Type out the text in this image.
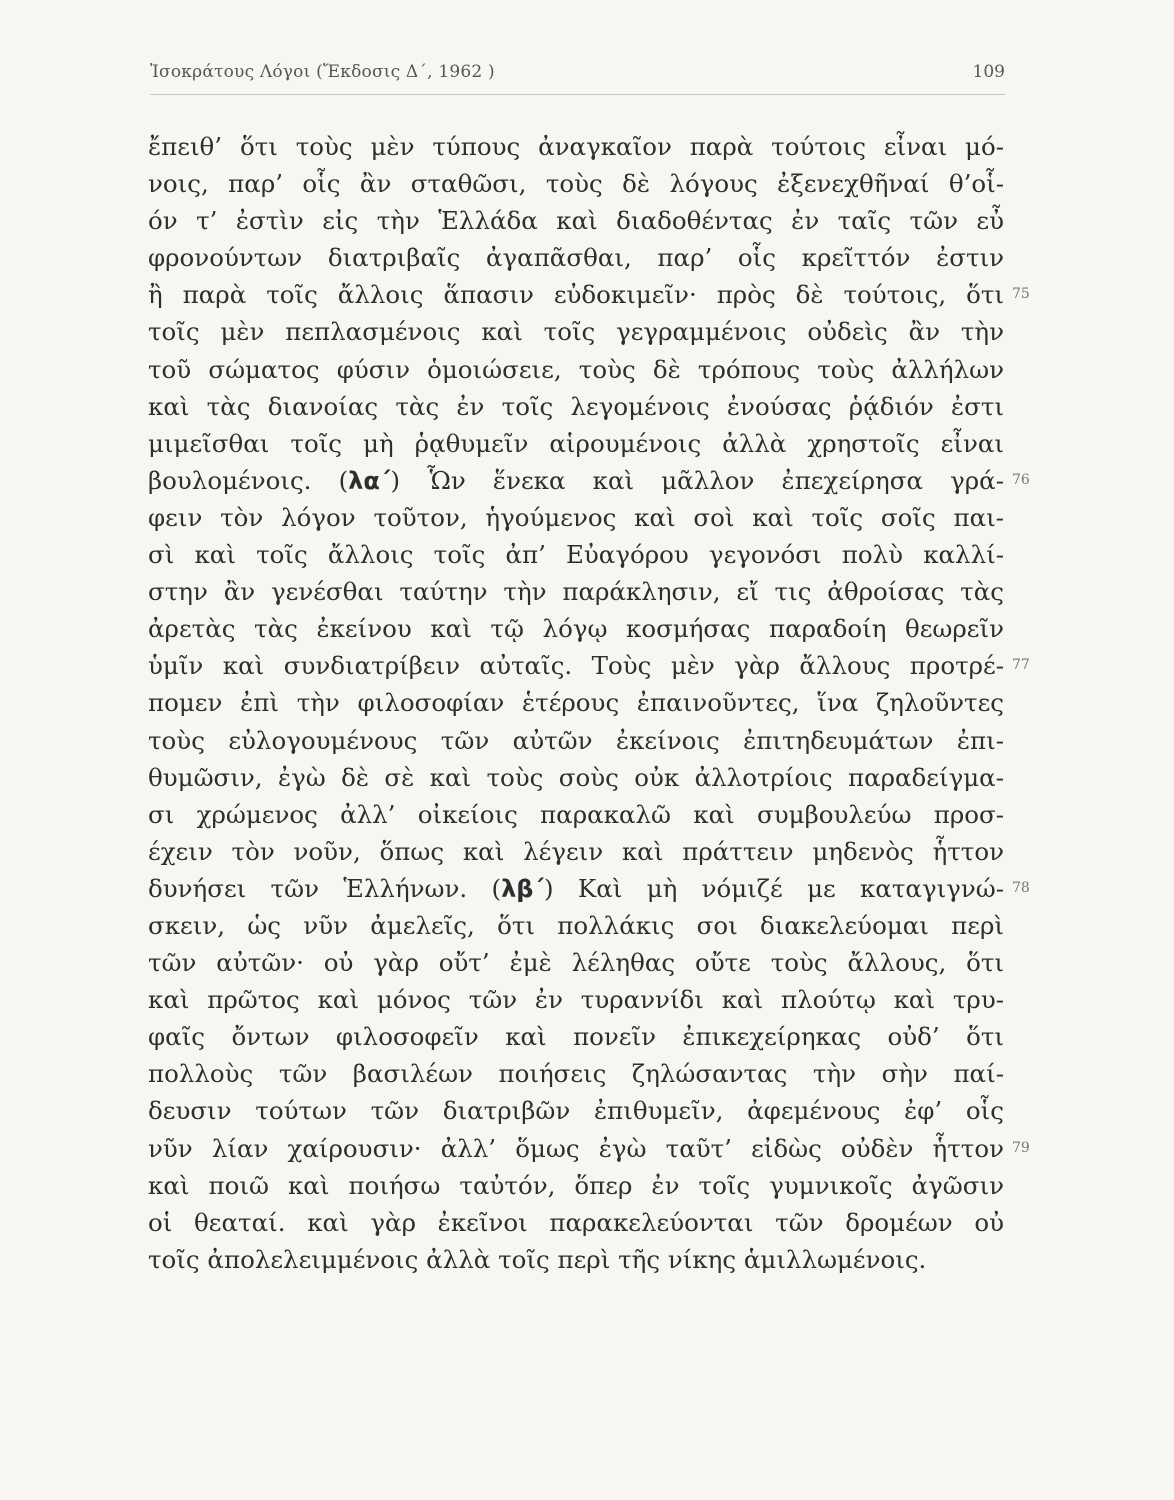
Ἰσοκράτους Λόγοι (Ἔκδοσις Δ΄, 1962 )	109
ἔπειθ’ ὅτι τοὺς μὲν τύπους ἀναγκαῖον παρὰ τούτοις εἶναι μό-
νοις, παρ’ οἷς ἂν σταθῶσι, τοὺς δὲ λόγους ἐξενεχθῆναί θ’οἷ-
όν τ’ ἐστὶν εἰς τὴν Ἑλλάδα καὶ διαδοθέντας ἐν ταῖς τῶν εὖ
φρονούντων διατριβαῖς ἀγαπᾶσθαι, παρ’ οἷς κρεῖττόν ἐστιν
ἢ παρὰ τοῖς ἄλλοις ἅπασιν εὐδοκιμεῖν· πρὸς δὲ τούτοις, ὅτι 75
τοῖς μὲν πεπλασμένοις καὶ τοῖς γεγραμμένοις οὐδεὶς ἂν τὴν
τοῦ σώματος φύσιν ὁμοιώσειε, τοὺς δὲ τρόπους τοὺς ἀλλήλων
καὶ τὰς διανοίας τὰς ἐν τοῖς λεγομένοις ἐνούσας ῥᾴδιόν ἐστι
μιμεῖσθαι τοῖς μὴ ῥᾳθυμεῖν αἱρουμένοις ἀλλὰ χρηστοῖς εἶναι
βουλομένοις. (λα΄) Ὧν ἕνεκα καὶ μᾶλλον ἐπεχείρησα γρά- 76
φειν τὸν λόγον τοῦτον, ἡγούμενος καὶ σοὶ καὶ τοῖς σοῖς παι-
σὶ καὶ τοῖς ἄλλοις τοῖς ἀπ’ Εὐαγόρου γεγονόσι πολὺ καλλί-
στην ἂν γενέσθαι ταύτην τὴν παράκλησιν, εἴ τις ἀθροίσας τὰς
ἀρετὰς τὰς ἐκείνου καὶ τῷ λόγῳ κοσμήσας παραδοίη θεωρεῖν
ὑμῖν καὶ συνδιατρίβειν αὐταῖς. Τοὺς μὲν γὰρ ἄλλους προτρέ- 77
πομεν ἐπὶ τὴν φιλοσοφίαν ἑτέρους ἐπαινοῦντες, ἵνα ζηλοῦντες
τοὺς εὐλογουμένους τῶν αὐτῶν ἐκείνοις ἐπιτηδευμάτων ἐπι-
θυμῶσιν, ἐγὼ δὲ σὲ καὶ τοὺς σοὺς οὐκ ἀλλοτρίοις παραδείγμα-
σι χρώμενος ἀλλ’ οἰκείοις παρακαλῶ καὶ συμβουλεύω προσ-
έχειν τὸν νοῦν, ὅπως καὶ λέγειν καὶ πράττειν μηδενὸς ἧττον
δυνήσει τῶν Ἑλλήνων. (λβ΄) Καὶ μὴ νόμιζέ με καταγιγνώ- 78
σκειν, ὡς νῦν ἀμελεῖς, ὅτι πολλάκις σοι διακελεύομαι περὶ
τῶν αὐτῶν· οὐ γὰρ οὔτ’ ἐμὲ λέληθας οὔτε τοὺς ἄλλους, ὅτι
καὶ πρῶτος καὶ μόνος τῶν ἐν τυραννίδι καὶ πλούτῳ καὶ τρυ-
φαῖς ὄντων φιλοσοφεῖν καὶ πονεῖν ἐπικεχείρηκας οὐδ’ ὅτι
πολλοὺς τῶν βασιλέων ποιήσεις ζηλώσαντας τὴν σὴν παί-
δευσιν τούτων τῶν διατριβῶν ἐπιθυμεῖν, ἀφεμένους ἐφ’ οἷς
νῦν λίαν χαίρουσιν· ἀλλ’ ὅμως ἐγὼ ταῦτ’ εἰδὼς οὐδὲν ἧττον 79
καὶ ποιῶ καὶ ποιήσω ταὐτόν, ὅπερ ἐν τοῖς γυμνικοῖς ἀγῶσιν
οἱ θεαταί. καὶ γὰρ ἐκεῖνοι παρακελεύονται τῶν δρομέων οὐ
τοῖς ἀπολελειμμένοις ἀλλὰ τοῖς περὶ τῆς νίκης ἁμιλλωμένοις.
